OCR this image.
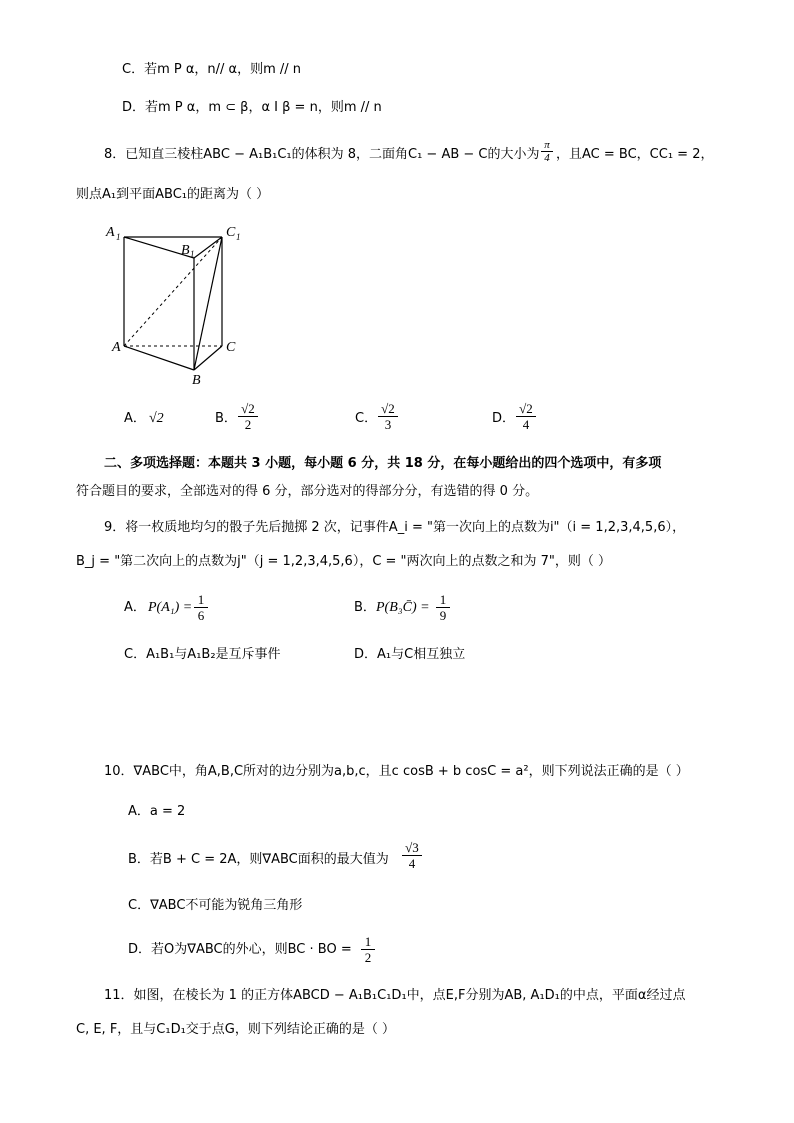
C．若m P α，n// α，则m // n
D．若m P α，m ⊂ β，α I β = n，则m // n
8．已知直三棱柱ABC − A₁B₁C₁的体积为 8，二面角C₁ − AB − C的大小为 $\frac{\pi}{4}$ ，且AC = BC，CC₁ = 2，
则点A₁到平面ABC₁的距离为（ ）
A 1
B 1
C 1
A	C
B
A． √2	B． $\frac{√2}{2}$	C． $\frac{√2}{3}$	D． $\frac{√2}{4}$
二、多项选择题：本题共 3 小题，每小题 6 分，共 18 分，在每小题给出的四个选项中，有多项
符合题目的要求，全部选对的得 6 分，部分选对的得部分分，有选错的得 0 分。
9．将一枚质地均匀的骰子先后抛掷 2 次，记事件A_i = "第一次向上的点数为i"（i = 1,2,3,4,5,6），
B_j = "第二次向上的点数为j"（j = 1,2,3,4,5,6），C = "两次向上的点数之和为 7"，则（ ）
A． $P(A_1) = \frac{1}{6}$	B． P(B₃C̄) = $\frac{1}{9}$
C．A₁B₁与A₁B₂是互斥事件	D．A₁与C相互独立
10．∇ABC中，角A,B,C所对的边分别为a,b,c，且c cosB + b cosC = a²，则下列说法正确的是（ ）
A．a = 2
B．若B + C = 2A，则∇ABC面积的最大值为 $\frac{√3}{4}$
C．∇ABC不可能为锐角三角形
D．若O为∇ABC的外心，则BC · BO = $\frac{1}{2}$
11．如图，在棱长为 1 的正方体ABCD − A₁B₁C₁D₁中，点E,F分别为AB, A₁D₁的中点，平面α经过点
C, E, F，且与C₁D₁交于点G，则下列结论正确的是（ ）
